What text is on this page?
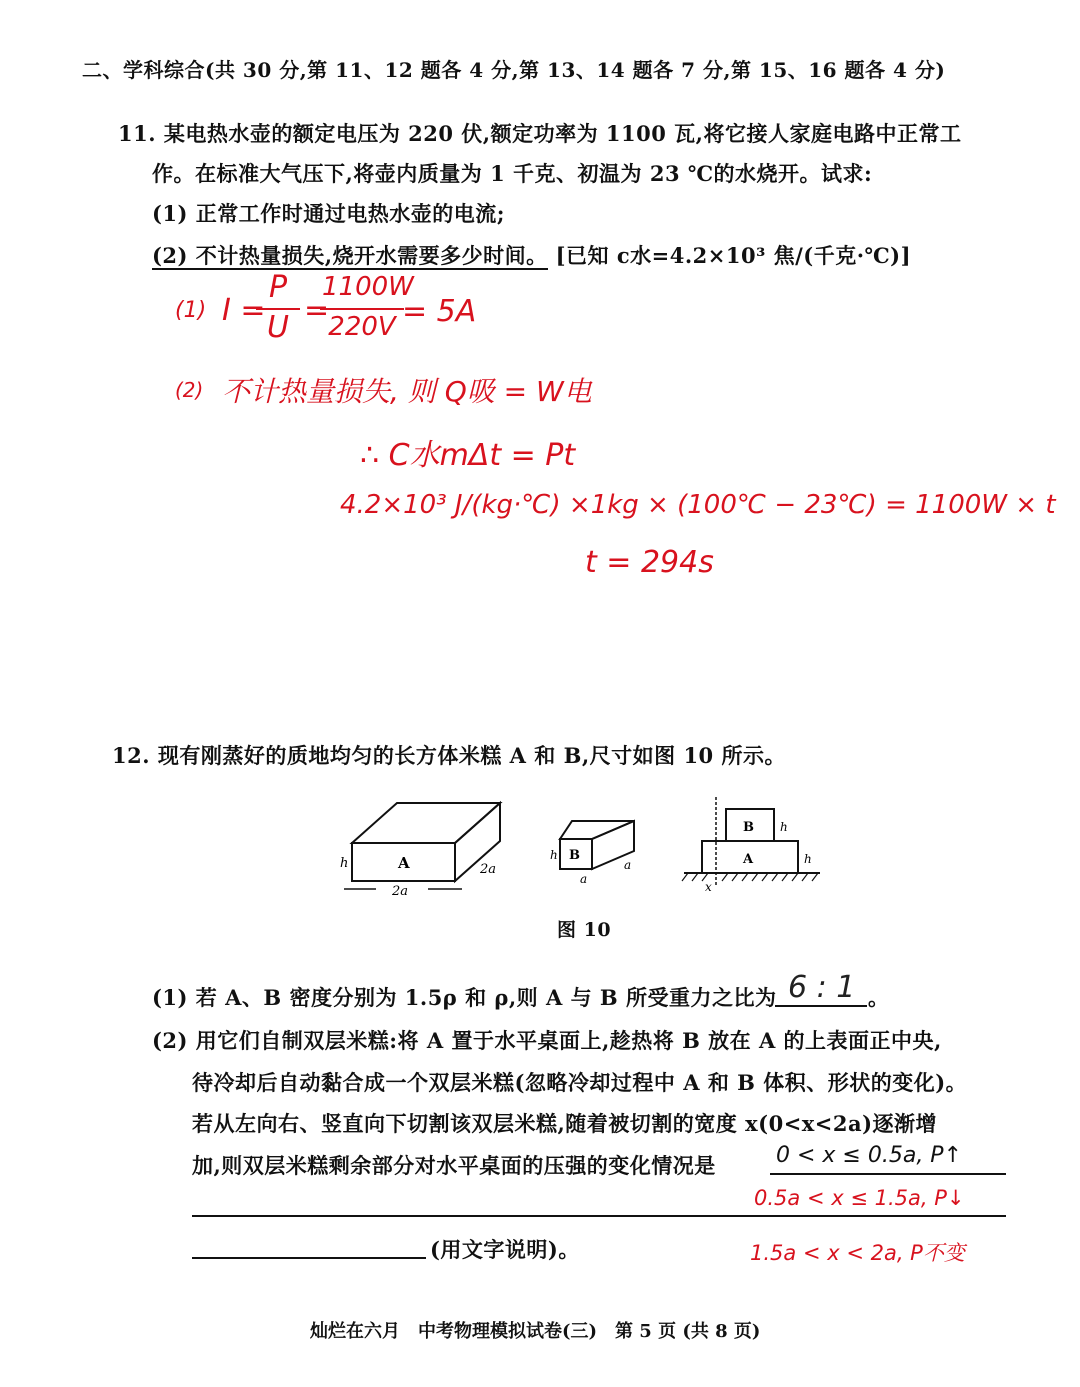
二、学科综合(共 30 分,第 11、12 题各 4 分,第 13、14 题各 7 分,第 15、16 题各 4 分)
11. 某电热水壶的额定电压为 220 伏,额定功率为 1100 瓦,将它接人家庭电路中正常工
作。在标准大气压下,将壶内质量为 1 千克、初温为 23 ℃的水烧开。试求:
(1) 正常工作时通过电热水壶的电流;
(2) 不计热量损失,烧开水需要多少时间。 [已知 c水=4.2×10³ 焦/(千克·℃)]
(1) I =
P
U =
1100W
220V = 5A
(2) 不计热量损失, 则 Q吸 = W电
∴ C水mΔt = Pt
4.2×10³ J/(kg·℃) ×1kg × (100℃ − 23℃) = 1100W × t
t = 294s
12. 现有刚蒸好的质地均匀的长方体米糕 A 和 B,尺寸如图 10 所示。
A
h	2a
2a
B
h
a
a
B h
A	h
x
图 10
(1) 若 A、B 密度分别为 1.5ρ 和 ρ,则 A 与 B 所受重力之比为 6 : 1 。
(2) 用它们自制双层米糕:将 A 置于水平桌面上,趁热将 B 放在 A 的上表面正中央,
待冷却后自动黏合成一个双层米糕(忽略冷却过程中 A 和 B 体积、形状的变化)。
若从左向右、竖直向下切割该双层米糕,随着被切割的宽度 x(0<x<2a)逐渐增
加,则双层米糕剩余部分对水平桌面的压强的变化情况是
(用文字说明)。
0 < x ≤ 0.5a, P↑
0.5a < x ≤ 1.5a, P↓
1.5a < x < 2a, P不变
灿烂在六月　中考物理模拟试卷(三)　第 5 页 (共 8 页)
